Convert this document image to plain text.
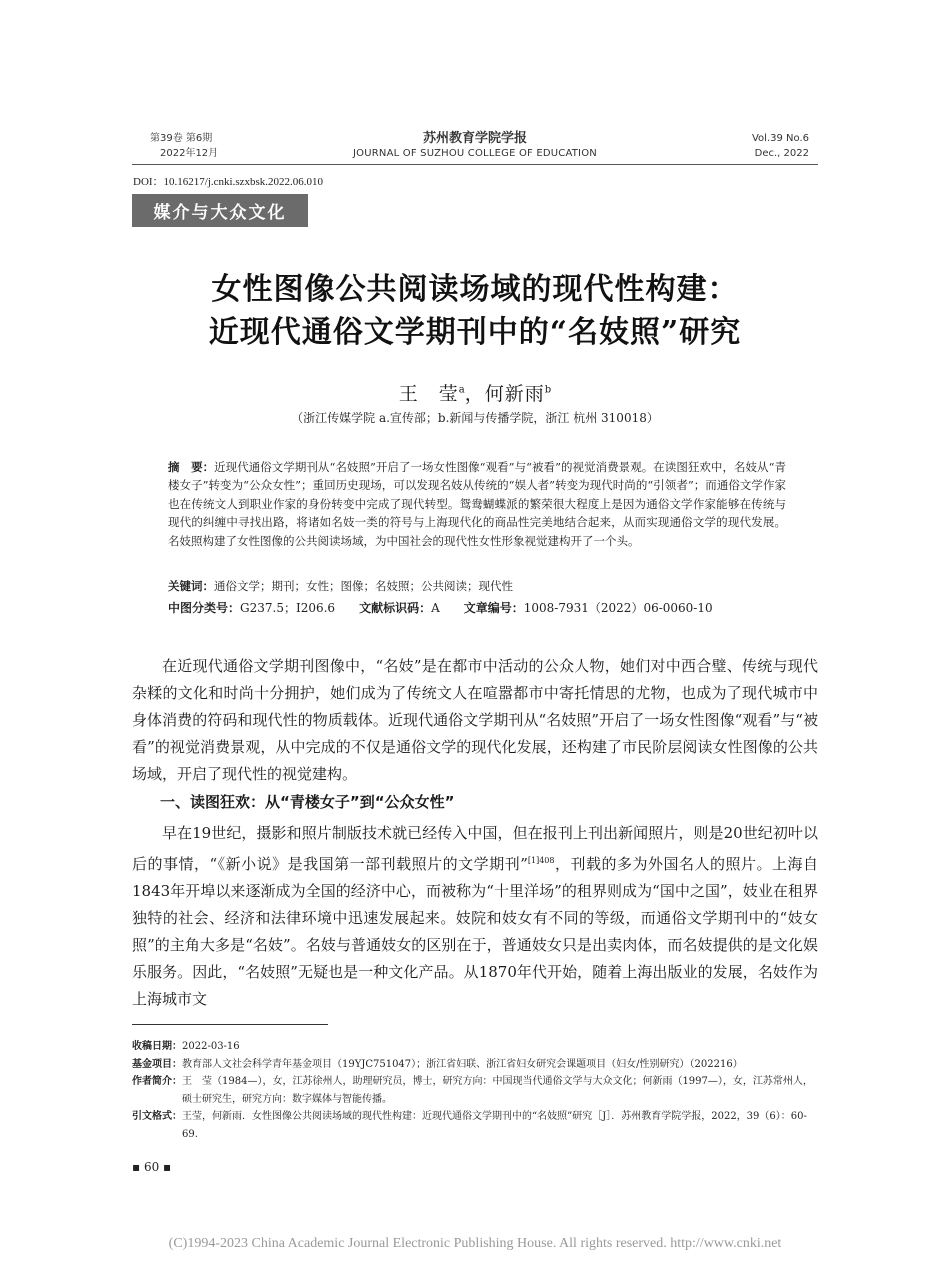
第39卷 第6期
2022年12月
苏州教育学院学报
JOURNAL OF SUZHOU COLLEGE OF EDUCATION
Vol.39 No.6
Dec., 2022
DOI：10.16217/j.cnki.szxbsk.2022.06.010
媒介与大众文化
女性图像公共阅读场域的现代性构建：
近现代通俗文学期刊中的“名妓照”研究
王　莹$^a$，何新雨$^b$
（浙江传媒学院 a.宣传部；b.新闻与传播学院，浙江 杭州 310018）
摘　要：近现代通俗文学期刊从“名妓照”开启了一场女性图像“观看”与“被看”的视觉消费景观。在读图狂欢中，名妓从“青楼女子”转变为“公众女性”；重回历史现场，可以发现名妓从传统的“娱人者”转变为现代时尚的“引领者”；而通俗文学作家也在传统文人到职业作家的身份转变中完成了现代转型。鸳鸯蝴蝶派的繁荣很大程度上是因为通俗文学作家能够在传统与现代的纠缠中寻找出路，将诸如名妓一类的符号与上海现代化的商品性完美地结合起来，从而实现通俗文学的现代发展。名妓照构建了女性图像的公共阅读场域，为中国社会的现代性女性形象视觉建构开了一个头。
关键词：通俗文学；期刊；女性；图像；名妓照；公共阅读；现代性
中图分类号：G237.5；I206.6 文献标识码：A 文章编号：1008-7931（2022）06-0060-10
在近现代通俗文学期刊图像中，“名妓”是在都市中活动的公众人物，她们对中西合璧、传统与现代杂糅的文化和时尚十分拥护，她们成为了传统文人在喧嚣都市中寄托情思的尤物，也成为了现代城市中身体消费的符码和现代性的物质载体。近现代通俗文学期刊从“名妓照”开启了一场女性图像“观看”与“被看”的视觉消费景观，从中完成的不仅是通俗文学的现代化发展，还构建了市民阶层阅读女性图像的公共场域，开启了现代性的视觉建构。
一、读图狂欢：从“青楼女子”到“公众女性”
早在19世纪，摄影和照片制版技术就已经传入中国，但在报刊上刊出新闻照片，则是20世纪初叶以后的事情，“《新小说》是我国第一部刊载照片的文学期刊”$^{[1]408}$，刊载的多为外国名人的照片。上海自1843年开埠以来逐渐成为全国的经济中心，而被称为“十里洋场”的租界则成为“国中之国”，妓业在租界独特的社会、经济和法律环境中迅速发展起来。妓院和妓女有不同的等级，而通俗文学期刊中的“妓女照”的主角大多是“名妓”。名妓与普通妓女的区别在于，普通妓女只是出卖肉体，而名妓提供的是文化娱乐服务。因此，“名妓照”无疑也是一种文化产品。从1870年代开始，随着上海出版业的发展，名妓作为上海城市文
收稿日期： 2022-03-16
基金项目： 教育部人文社会科学青年基金项目（19YJC751047）；浙江省妇联、浙江省妇女研究会课题项目（妇女/性别研究）（202216）
作者简介： 王　莹（1984—），女，江苏徐州人，助理研究员，博士，研究方向：中国现当代通俗文学与大众文化；何新雨（1997—），女，江苏常州人，硕士研究生，研究方向：数字媒体与智能传播。
引文格式： 王莹，何新雨．女性图像公共阅读场域的现代性构建：近现代通俗文学期刊中的“名妓照”研究［J］．苏州教育学院学报，2022，39（6）：60-69.
▪ 60 ▪
(C)1994-2023 China Academic Journal Electronic Publishing House. All rights reserved. http://www.cnki.net
